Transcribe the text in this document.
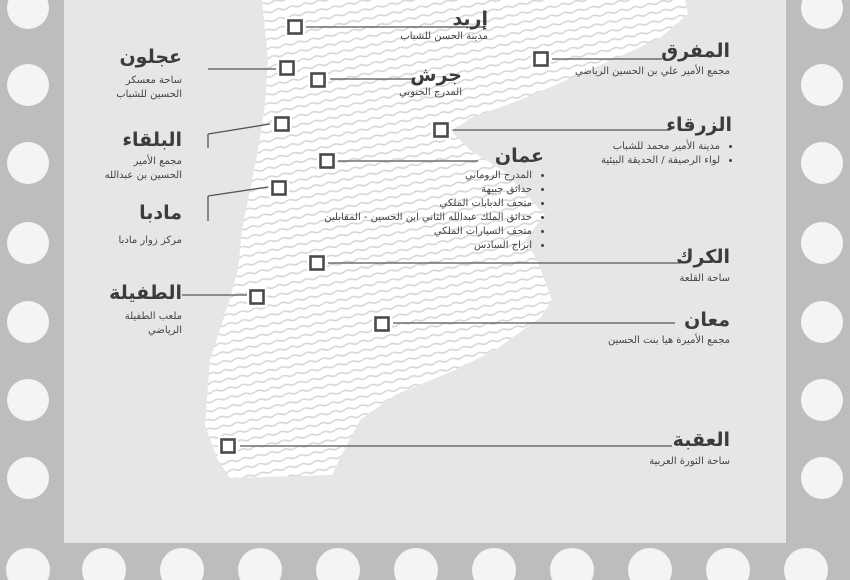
إربد
مدينة الحسن للشباب
عجلون
ساحة معسكر
الحسين للشباب
جرش
المدرج الجنوبي
المفرق
مجمع الأمير علي بن الحسين الرياضي
البلقاء
مجمع الأمير
الحسين بن عبدالله
الزرقاء
• مدينة الأمير محمد للشباب
• لواء الرصيفة / الحديقة البيئية
عمان
• المدرج الروماني
• حدائق جبيهة
• متحف الدبابات الملكي
• حدائق الملك عبدالله الثاني ابن الحسين - المقابلين
• متحف السيارات الملكي
• ابراج السادس
مادبا
مركز زوار مادبا
الكرك
ساحة القلعة
الطفيلة
ملعب الطفيلة
الرياضي	معان
مجمع الأميرة هيا بنت الحسين
العقبة
ساحة الثورة العربية
